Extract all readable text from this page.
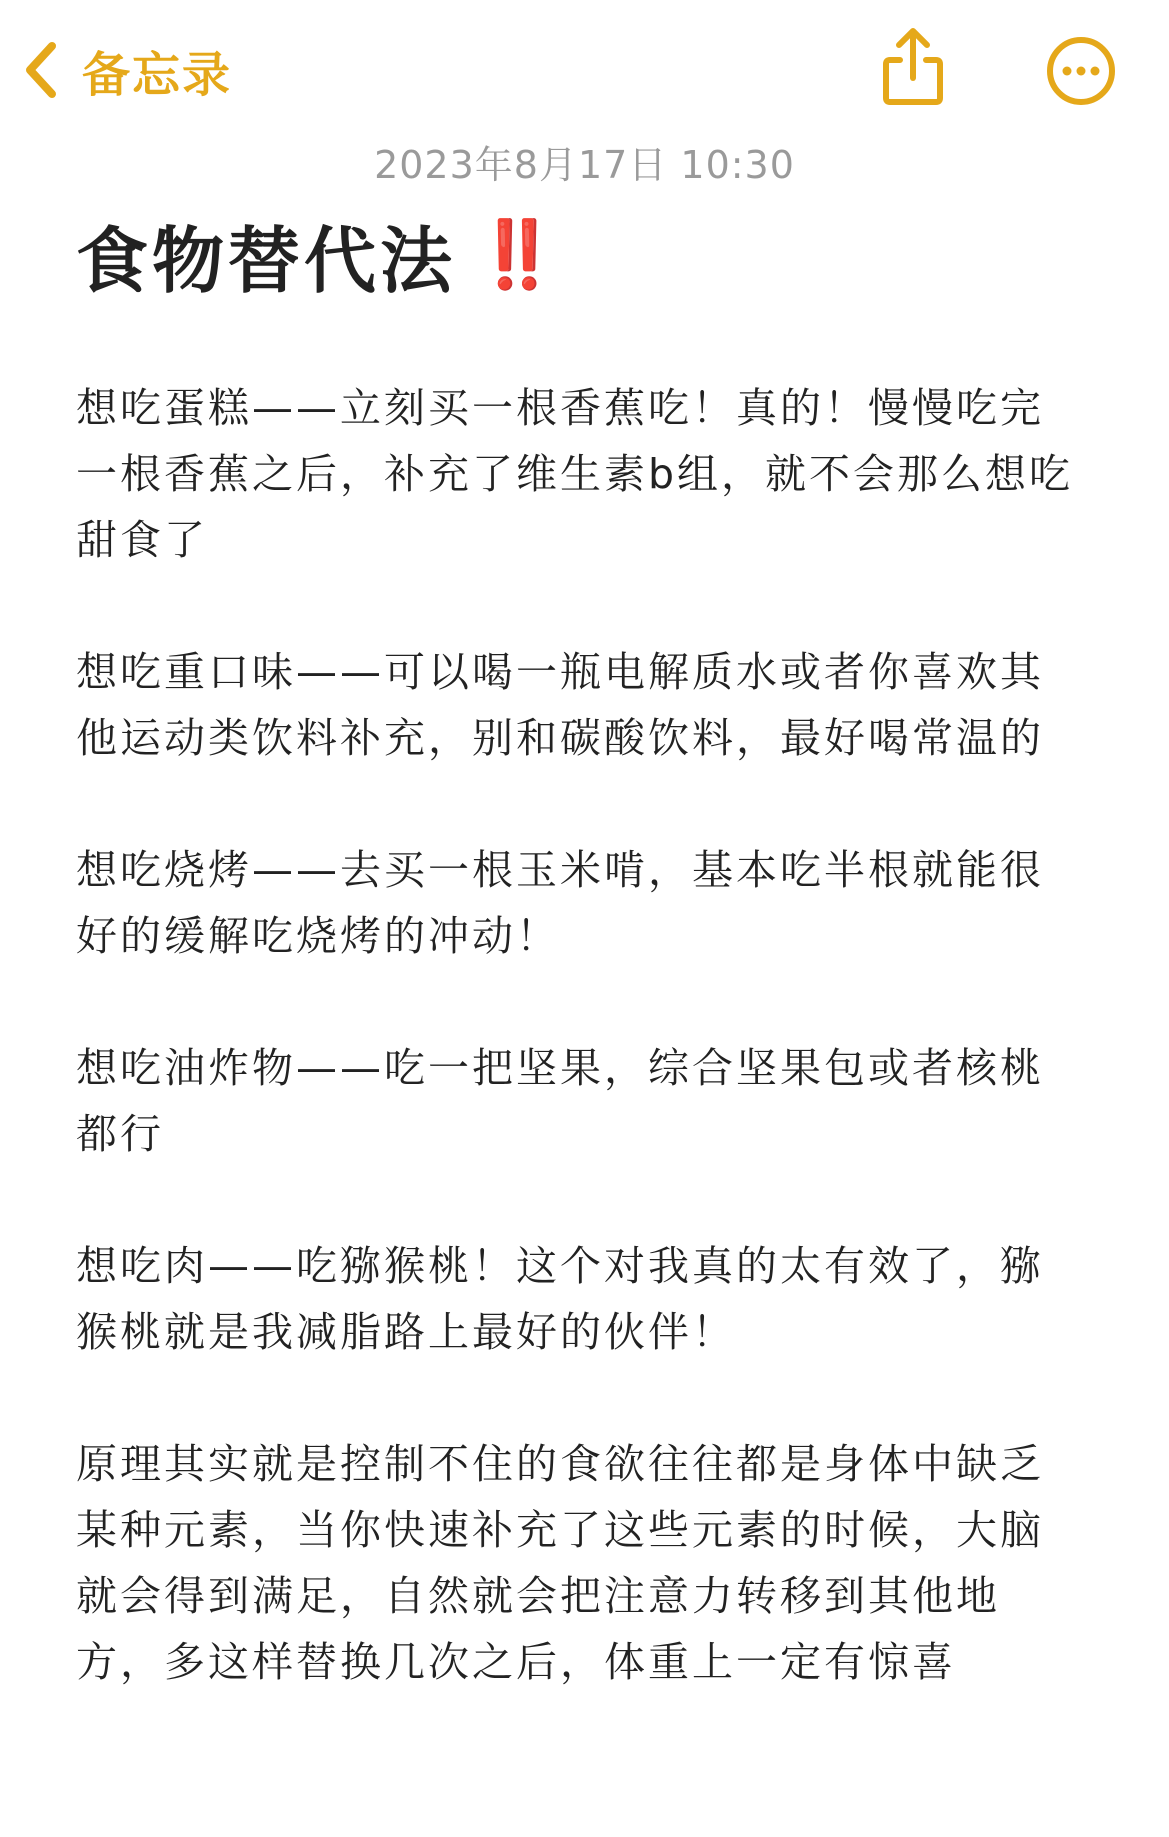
备忘录
2023年8月17日 10:30
食物替代法 ‼️

想吃蛋糕——立刻买一根香蕉吃！真的！慢慢吃完一根香蕉之后，补充了维生素b组，就不会那么想吃甜食了

想吃重口味——可以喝一瓶电解质水或者你喜欢其他运动类饮料补充，别和碳酸饮料，最好喝常温的

想吃烧烤——去买一根玉米啃，基本吃半根就能很好的缓解吃烧烤的冲动！

想吃油炸物——吃一把坚果，综合坚果包或者核桃都行

想吃肉——吃猕猴桃！这个对我真的太有效了，猕猴桃就是我减脂路上最好的伙伴！

原理其实就是控制不住的食欲往往都是身体中缺乏某种元素，当你快速补充了这些元素的时候，大脑就会得到满足，自然就会把注意力转移到其他地方，多这样替换几次之后，体重上一定有惊喜
